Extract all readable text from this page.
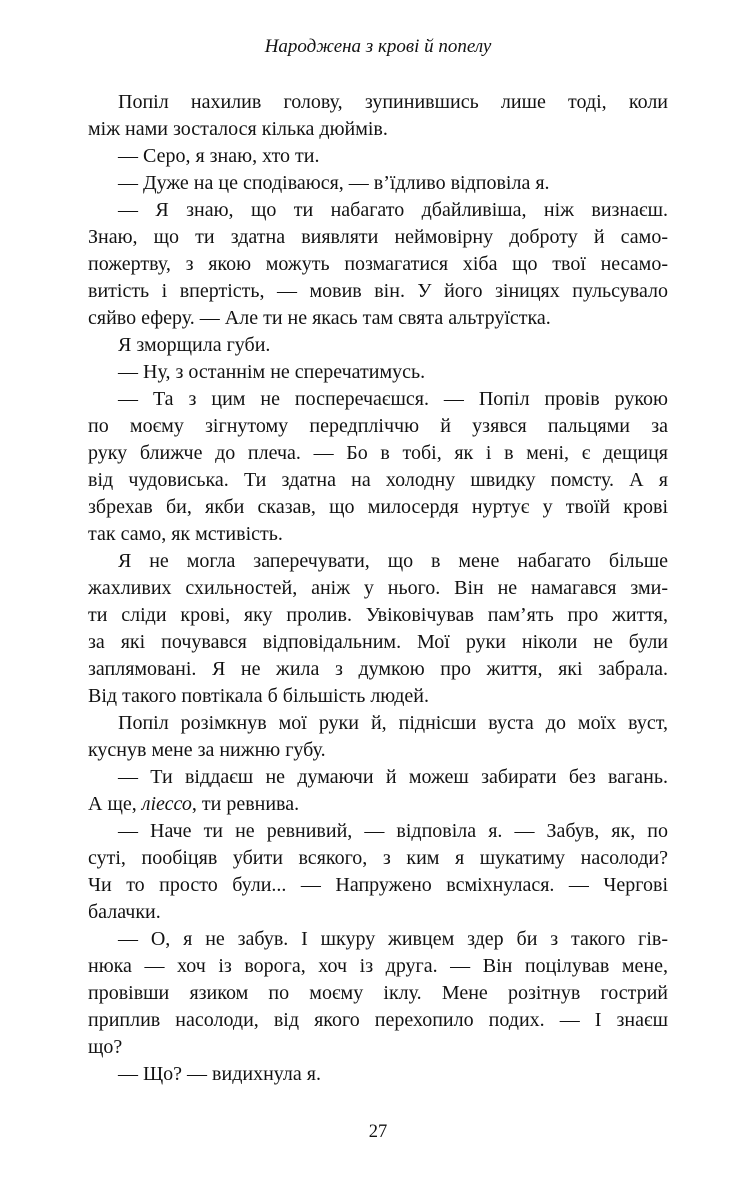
Народжена з крові й попелу
Попіл нахилив голову, зупинившись лише тоді, коли
між нами зосталося кілька дюймів.
— Серо, я знаю, хто ти.
— Дуже на це сподіваюся, — в’їдливо відповіла я.
— Я знаю, що ти набагато дбайливіша, ніж визнаєш.
Знаю, що ти здатна виявляти неймовірну доброту й само-
пожертву, з якою можуть позмагатися хіба що твої несамо-
витість і впертість, — мовив він. У його зіницях пульсувало
сяйво еферу. — Але ти не якась там свята альтруїстка.
Я зморщила губи.
— Ну, з останнім не сперечатимусь.
— Та з цим не посперечаєшся. — Попіл провів рукою
по моєму зігнутому передпліччю й узявся пальцями за
руку ближче до плеча. — Бо в тобі, як і в мені, є дещиця
від чудовиська. Ти здатна на холодну швидку помсту. А я
збрехав би, якби сказав, що милосердя нуртує у твоїй крові
так само, як мстивість.
Я не могла заперечувати, що в мене набагато більше
жахливих схильностей, аніж у нього. Він не намагався зми-
ти сліди крові, яку пролив. Увіковічував пам’ять про життя,
за які почувався відповідальним. Мої руки ніколи не були
заплямовані. Я не жила з думкою про життя, які забрала.
Від такого повтікала б більшість людей.
Попіл розімкнув мої руки й, піднісши вуста до моїх вуст,
куснув мене за нижню губу.
— Ти віддаєш не думаючи й можеш забирати без вагань.
А ще, ліессо, ти ревнива.
— Наче ти не ревнивий, — відповіла я. — Забув, як, по
суті, пообіцяв убити всякого, з ким я шукатиму насолоди?
Чи то просто були... — Напружено всміхнулася. — Чергові
балачки.
— О, я не забув. І шкуру живцем здер би з такого гів-
нюка — хоч із ворога, хоч із друга. — Він поцілував мене,
провівши язиком по моєму іклу. Мене розітнув гострий
приплив насолоди, від якого перехопило подих. — І знаєш
що?
— Що? — видихнула я.
27
